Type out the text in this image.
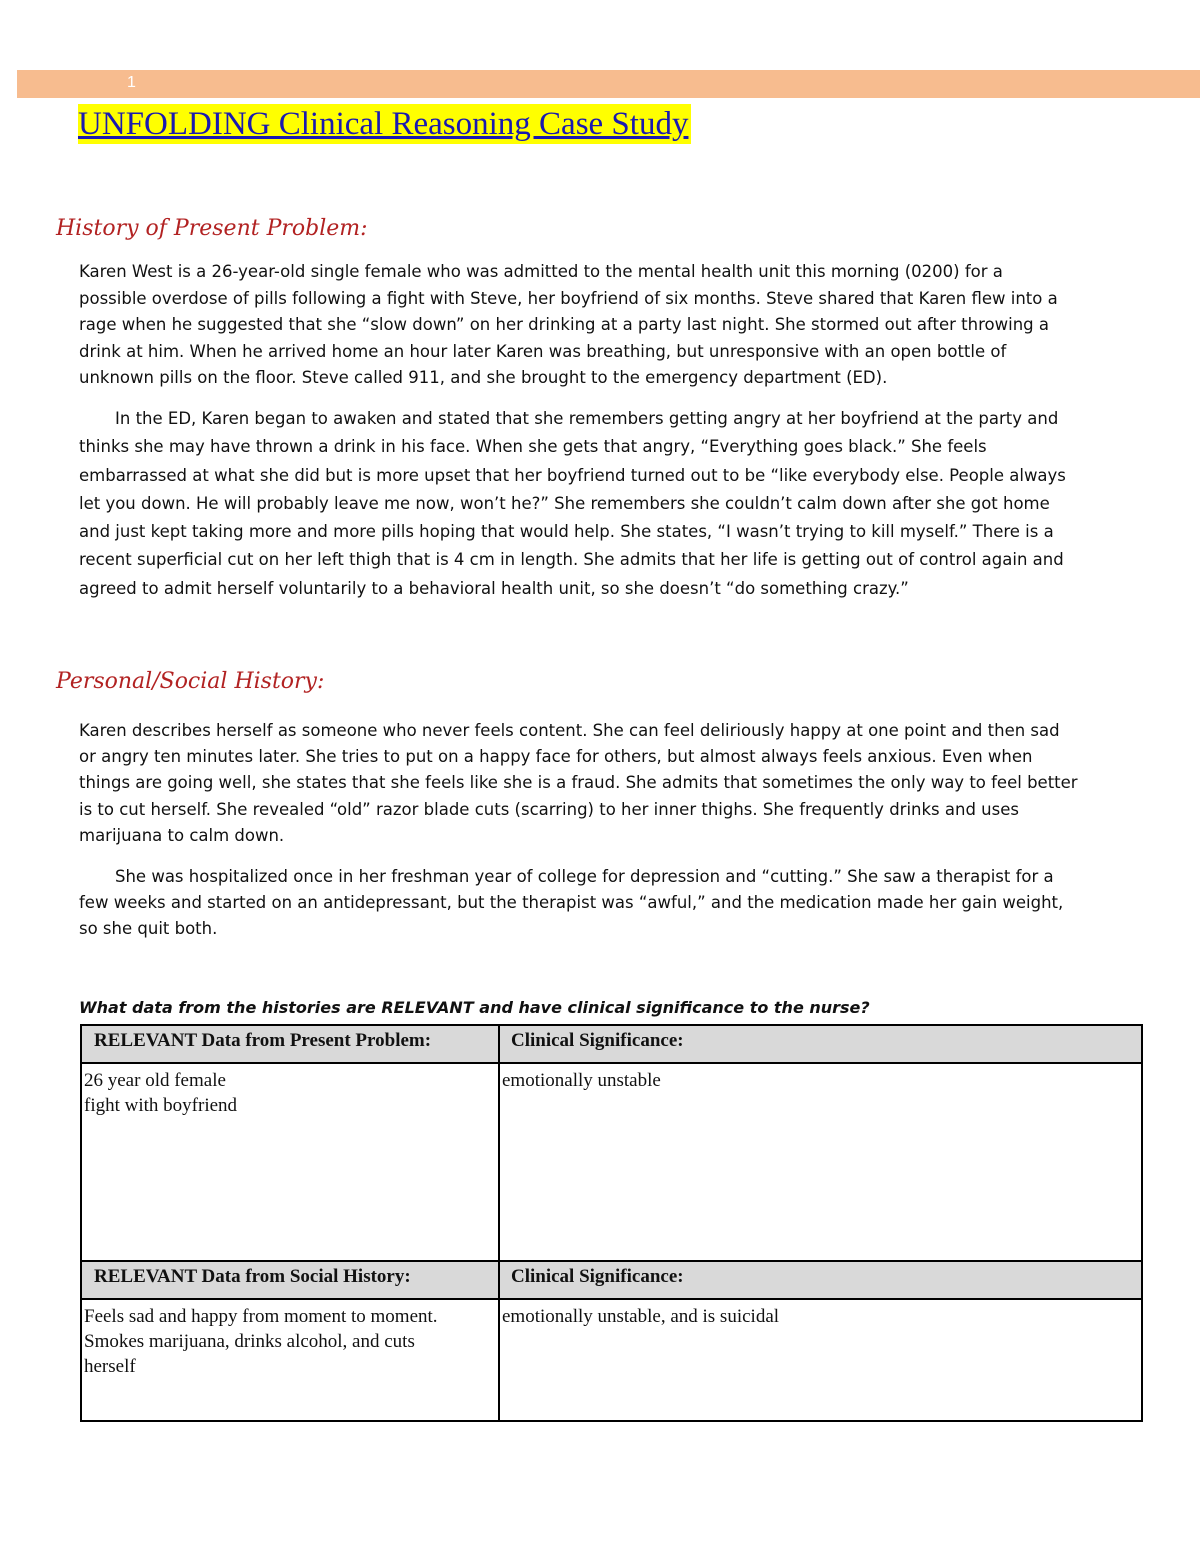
1
UNFOLDING Clinical Reasoning Case Study
History of Present Problem:
Karen West is a 26-year-old single female who was admitted to the mental health unit this morning (0200) for a
possible overdose of pills following a fight with Steve, her boyfriend of six months. Steve shared that Karen flew into a
rage when he suggested that she “slow down” on her drinking at a party last night. She stormed out after throwing a
drink at him. When he arrived home an hour later Karen was breathing, but unresponsive with an open bottle of
unknown pills on the floor. Steve called 911, and she brought to the emergency department (ED).
In the ED, Karen began to awaken and stated that she remembers getting angry at her boyfriend at the party and
thinks she may have thrown a drink in his face. When she gets that angry, “Everything goes black.” She feels
embarrassed at what she did but is more upset that her boyfriend turned out to be “like everybody else. People always
let you down. He will probably leave me now, won’t he?” She remembers she couldn’t calm down after she got home
and just kept taking more and more pills hoping that would help. She states, “I wasn’t trying to kill myself.” There is a
recent superficial cut on her left thigh that is 4 cm in length. She admits that her life is getting out of control again and
agreed to admit herself voluntarily to a behavioral health unit, so she doesn’t “do something crazy.”
Personal/Social History:
Karen describes herself as someone who never feels content. She can feel deliriously happy at one point and then sad
or angry ten minutes later. She tries to put on a happy face for others, but almost always feels anxious. Even when
things are going well, she states that she feels like she is a fraud. She admits that sometimes the only way to feel better
is to cut herself. She revealed “old” razor blade cuts (scarring) to her inner thighs. She frequently drinks and uses
marijuana to calm down.
She was hospitalized once in her freshman year of college for depression and “cutting.” She saw a therapist for a
few weeks and started on an antidepressant, but the therapist was “awful,” and the medication made her gain weight,
so she quit both.

What data from the histories are RELEVANT and have clinical significance to the nurse?

RELEVANT Data from Present Problem:	Clinical Significance:

26 year old female
fight with boyfriend	emotionally unstable

RELEVANT Data from Social History:	Clinical Significance:

Feels sad and happy from moment to moment.
Smokes marijuana, drinks alcohol, and cuts
herself	emotionally unstable, and is suicidal
